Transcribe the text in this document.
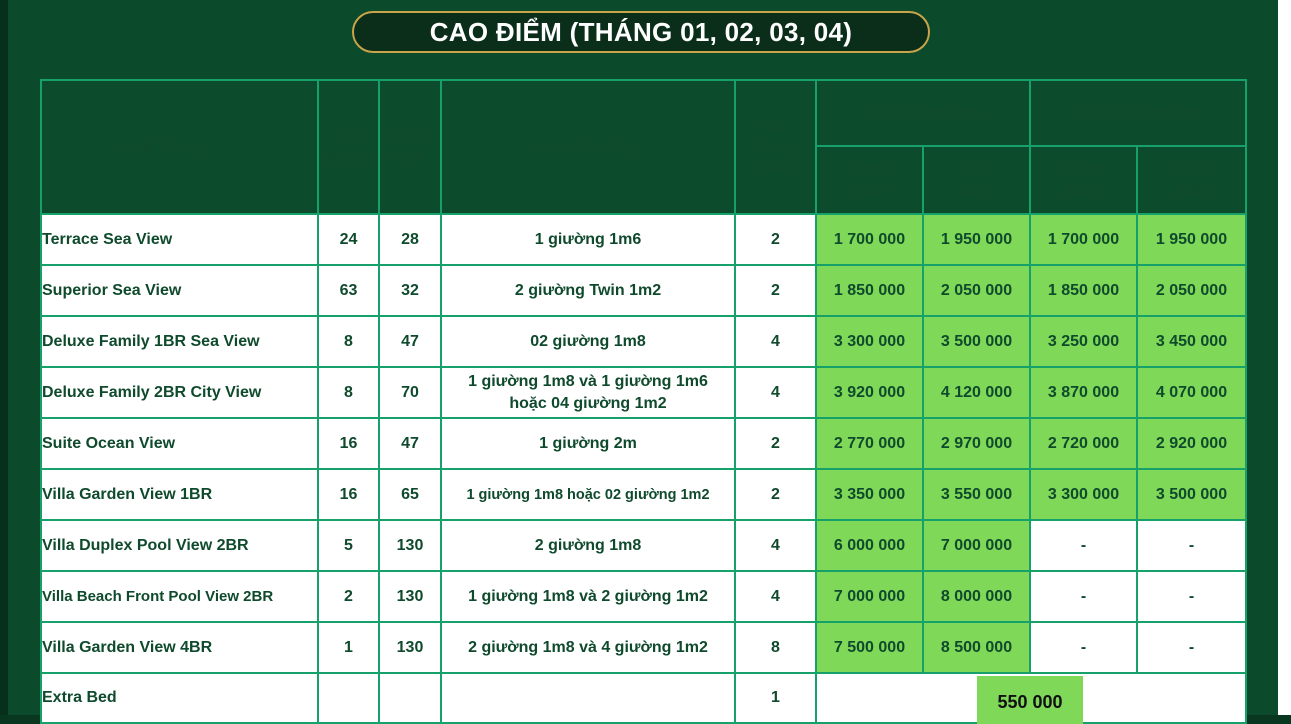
CAO ĐIỂM (THÁNG 01, 02, 03, 04)
Loại phòng	Số lượng	Diện tích	Loại Giường	Số lượng khách	FIT < 08 phòng		GIT >= 08 phòng	
					Trong tuần	Cuối tuần	Trong tuần	Cuối tuần
Terrace Sea View	24	28	1 giường 1m6	2	1 700 000	1 950 000	1 700 000	1 950 000
Superior Sea View	63	32	2 giường Twin 1m2	2	1 850 000	2 050 000	1 850 000	2 050 000
Deluxe Family 1BR Sea View	8	47	02 giường 1m8	4	3 300 000	3 500 000	3 250 000	3 450 000
Deluxe Family 2BR City View	8	70	1 giường 1m8 và 1 giường 1m6 hoặc 04 giường 1m2	4	3 920 000	4 120 000	3 870 000	4 070 000
Suite Ocean View	16	47	1 giường 2m	2	2 770 000	2 970 000	2 720 000	2 920 000
Villa Garden View 1BR	16	65	1 giường 1m8 hoặc 02 giường 1m2	2	3 350 000	3 550 000	3 300 000	3 500 000
Villa Duplex Pool View 2BR	5	130	2 giường 1m8	4	6 000 000	7 000 000	-	-
Villa Beach Front Pool View 2BR	2	130	1 giường 1m8 và 2 giường 1m2	4	7 000 000	8 000 000	-	-
Villa Garden View 4BR	1	130	2 giường 1m8 và 4 giường 1m2	8	7 500 000	8 500 000	-	-
Extra Bed				1	550 000			
